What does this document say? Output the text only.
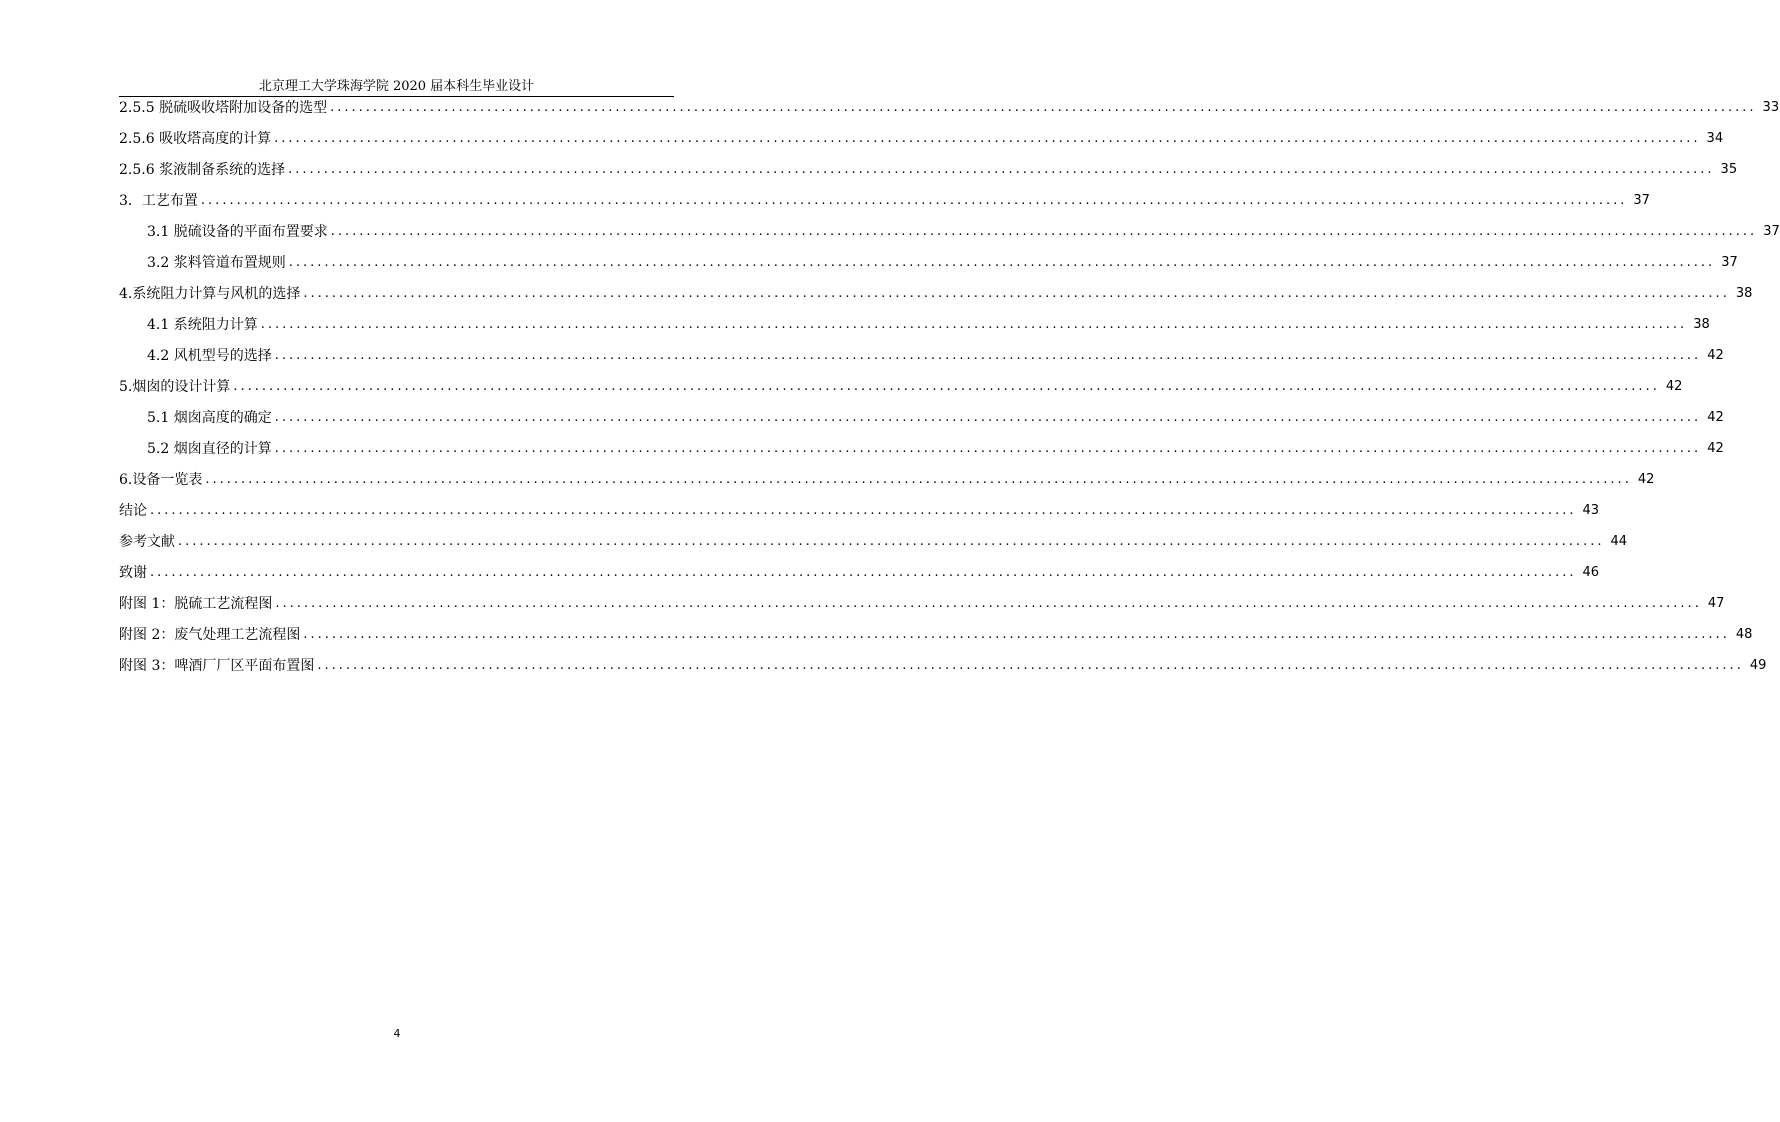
北京理工大学珠海学院 2020 届本科生毕业设计
2.5.5 脱硫吸收塔附加设备的选型 ........................................................................................................................................................................................................ 33
2.5.6 吸收塔高度的计算 ........................................................................................................................................................................................................ 34
2.5.6 浆液制备系统的选择 ........................................................................................................................................................................................................ 35
3．工艺布置 ........................................................................................................................................................................................................ 37
3.1 脱硫设备的平面布置要求 ........................................................................................................................................................................................................ 37
3.2 浆料管道布置规则 ........................................................................................................................................................................................................ 37
4.系统阻力计算与风机的选择 ........................................................................................................................................................................................................ 38
4.1 系统阻力计算 ........................................................................................................................................................................................................ 38
4.2 风机型号的选择 ........................................................................................................................................................................................................ 42
5.烟囱的设计计算 ........................................................................................................................................................................................................ 42
5.1 烟囱高度的确定 ........................................................................................................................................................................................................ 42
5.2 烟囱直径的计算 ........................................................................................................................................................................................................ 42
6.设备一览表 ........................................................................................................................................................................................................ 42
结论 ........................................................................................................................................................................................................ 43
参考文献 ........................................................................................................................................................................................................ 44
致谢 ........................................................................................................................................................................................................ 46
附图 1：脱硫工艺流程图 ........................................................................................................................................................................................................ 47
附图 2：废气处理工艺流程图 ........................................................................................................................................................................................................ 48
附图 3：啤酒厂厂区平面布置图 ........................................................................................................................................................................................................ 49
4
